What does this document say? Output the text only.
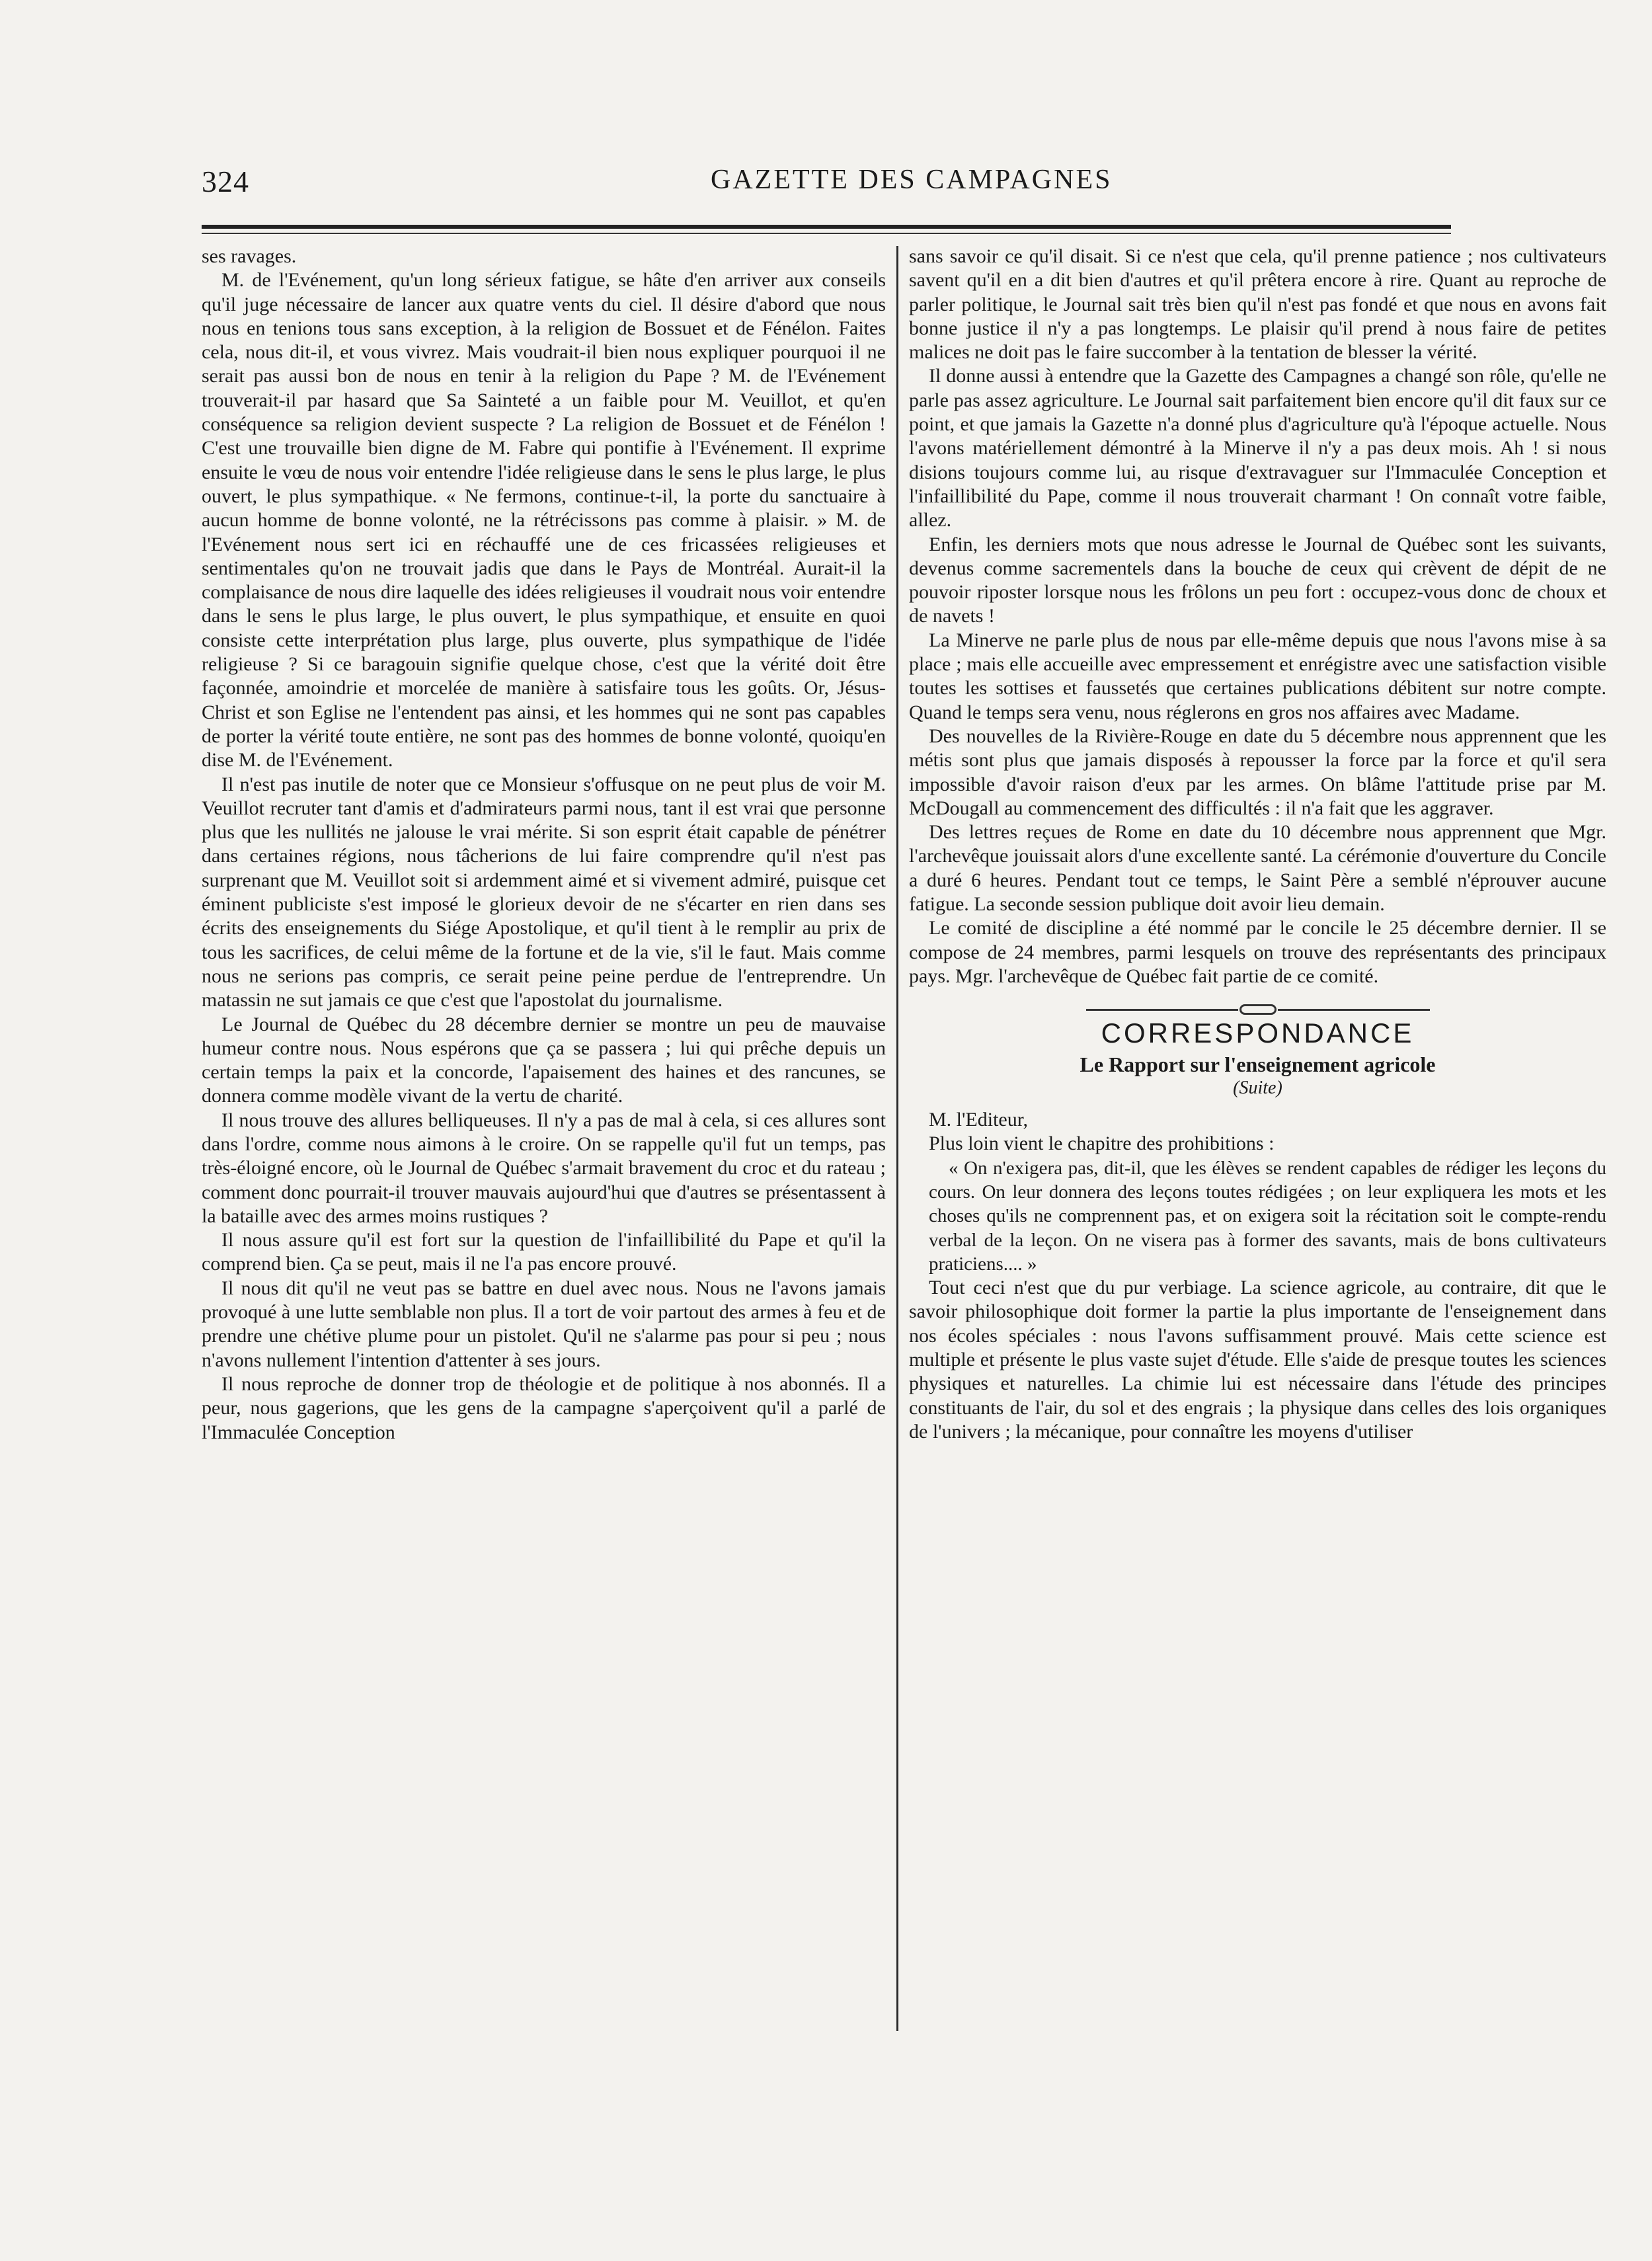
324	GAZETTE DES CAMPAGNES

ses ravages.

M. de l'Evénement, qu'un long sérieux fatigue, se hâte d'en arriver aux conseils qu'il juge nécessaire de lancer aux quatre vents du ciel. Il désire d'abord que nous nous en tenions tous sans exception, à la religion de Bossuet et de Fénélon. Faites cela, nous dit-il, et vous vivrez. Mais voudrait-il bien nous expliquer pourquoi il ne serait pas aussi bon de nous en tenir à la religion du Pape ? M. de l'Evénement trouverait-il par hasard que Sa Sainteté a un faible pour M. Veuillot, et qu'en conséquence sa religion devient suspecte ? La religion de Bossuet et de Fénélon ! C'est une trouvaille bien digne de M. Fabre qui pontifie à l'Evénement. Il exprime ensuite le vœu de nous voir entendre l'idée religieuse dans le sens le plus large, le plus ouvert, le plus sympathique. « Ne fermons, continue-t-il, la porte du sanctuaire à aucun homme de bonne volonté, ne la rétrécissons pas comme à plaisir. » M. de l'Evénement nous sert ici en réchauffé une de ces fricassées religieuses et sentimentales qu'on ne trouvait jadis que dans le Pays de Montréal. Aurait-il la complaisance de nous dire laquelle des idées religieuses il voudrait nous voir entendre dans le sens le plus large, le plus ouvert, le plus sympathique, et ensuite en quoi consiste cette interprétation plus large, plus ouverte, plus sympathique de l'idée religieuse ? Si ce baragouin signifie quelque chose, c'est que la vérité doit être façonnée, amoindrie et morcelée de manière à satisfaire tous les goûts. Or, Jésus-Christ et son Eglise ne l'entendent pas ainsi, et les hommes qui ne sont pas capables de porter la vérité toute entière, ne sont pas des hommes de bonne volonté, quoiqu'en dise M. de l'Evénement.

Il n'est pas inutile de noter que ce Monsieur s'offusque on ne peut plus de voir M. Veuillot recruter tant d'amis et d'admirateurs parmi nous, tant il est vrai que personne plus que les nullités ne jalouse le vrai mérite. Si son esprit était capable de pénétrer dans certaines régions, nous tâcherions de lui faire comprendre qu'il n'est pas surprenant que M. Veuillot soit si ardemment aimé et si vivement admiré, puisque cet éminent publiciste s'est imposé le glorieux devoir de ne s'écarter en rien dans ses écrits des enseignements du Siége Apostolique, et qu'il tient à le remplir au prix de tous les sacrifices, de celui même de la fortune et de la vie, s'il le faut. Mais comme nous ne serions pas compris, ce serait peine peine perdue de l'entreprendre. Un matassin ne sut jamais ce que c'est que l'apostolat du journalisme.

Le Journal de Québec du 28 décembre dernier se montre un peu de mauvaise humeur contre nous. Nous espérons que ça se passera ; lui qui prêche depuis un certain temps la paix et la concorde, l'apaisement des haines et des rancunes, se donnera comme modèle vivant de la vertu de charité.

Il nous trouve des allures belliqueuses. Il n'y a pas de mal à cela, si ces allures sont dans l'ordre, comme nous aimons à le croire. On se rappelle qu'il fut un temps, pas très-éloigné encore, où le Journal de Québec s'armait bravement du croc et du rateau ; comment donc pourrait-il trouver mauvais aujourd'hui que d'autres se présentassent à la bataille avec des armes moins rustiques ?

Il nous assure qu'il est fort sur la question de l'infaillibilité du Pape et qu'il la comprend bien. Ça se peut, mais il ne l'a pas encore prouvé.

Il nous dit qu'il ne veut pas se battre en duel avec nous. Nous ne l'avons jamais provoqué à une lutte semblable non plus. Il a tort de voir partout des armes à feu et de prendre une chétive plume pour un pistolet. Qu'il ne s'alarme pas pour si peu ; nous n'avons nullement l'intention d'attenter à ses jours.

Il nous reproche de donner trop de théologie et de politique à nos abonnés. Il a peur, nous gagerions, que les gens de la campagne s'aperçoivent qu'il a parlé de l'Immaculée Conception

sans savoir ce qu'il disait. Si ce n'est que cela, qu'il prenne patience ; nos cultivateurs savent qu'il en a dit bien d'autres et qu'il prêtera encore à rire. Quant au reproche de parler politique, le Journal sait très bien qu'il n'est pas fondé et que nous en avons fait bonne justice il n'y a pas longtemps. Le plaisir qu'il prend à nous faire de petites malices ne doit pas le faire succomber à la tentation de blesser la vérité.

Il donne aussi à entendre que la Gazette des Campagnes a changé son rôle, qu'elle ne parle pas assez agriculture. Le Journal sait parfaitement bien encore qu'il dit faux sur ce point, et que jamais la Gazette n'a donné plus d'agriculture qu'à l'époque actuelle. Nous l'avons matériellement démontré à la Minerve il n'y a pas deux mois. Ah ! si nous disions toujours comme lui, au risque d'extravaguer sur l'Immaculée Conception et l'infaillibilité du Pape, comme il nous trouverait charmant ! On connaît votre faible, allez.

Enfin, les derniers mots que nous adresse le Journal de Québec sont les suivants, devenus comme sacrementels dans la bouche de ceux qui crèvent de dépit de ne pouvoir riposter lorsque nous les frôlons un peu fort : occupez-vous donc de choux et de navets !

La Minerve ne parle plus de nous par elle-même depuis que nous l'avons mise à sa place ; mais elle accueille avec empressement et enrégistre avec une satisfaction visible toutes les sottises et faussetés que certaines publications débitent sur notre compte. Quand le temps sera venu, nous réglerons en gros nos affaires avec Madame.

Des nouvelles de la Rivière-Rouge en date du 5 décembre nous apprennent que les métis sont plus que jamais disposés à repousser la force par la force et qu'il sera impossible d'avoir raison d'eux par les armes. On blâme l'attitude prise par M. McDougall au commencement des difficultés : il n'a fait que les aggraver.

Des lettres reçues de Rome en date du 10 décembre nous apprennent que Mgr. l'archevêque jouissait alors d'une excellente santé. La cérémonie d'ouverture du Concile a duré 6 heures. Pendant tout ce temps, le Saint Père a semblé n'éprouver aucune fatigue. La seconde session publique doit avoir lieu demain.

Le comité de discipline a été nommé par le concile le 25 décembre dernier. Il se compose de 24 membres, parmi lesquels on trouve des représentants des principaux pays. Mgr. l'archevêque de Québec fait partie de ce comité.

CORRESPONDANCE
Le Rapport sur l'enseignement agricole
(Suite)

M. l'Editeur,

Plus loin vient le chapitre des prohibitions :

« On n'exigera pas, dit-il, que les élèves se rendent capables de rédiger les leçons du cours. On leur donnera des leçons toutes rédigées ; on leur expliquera les mots et les choses qu'ils ne comprennent pas, et on exigera soit la récitation soit le compte-rendu verbal de la leçon. On ne visera pas à former des savants, mais de bons cultivateurs praticiens.... »

Tout ceci n'est que du pur verbiage. La science agricole, au contraire, dit que le savoir philosophique doit former la partie la plus importante de l'enseignement dans nos écoles spéciales : nous l'avons suffisamment prouvé. Mais cette science est multiple et présente le plus vaste sujet d'étude. Elle s'aide de presque toutes les sciences physiques et naturelles. La chimie lui est nécessaire dans l'étude des principes constituants de l'air, du sol et des engrais ; la physique dans celles des lois organiques de l'univers ; la mécanique, pour connaître les moyens d'utiliser
